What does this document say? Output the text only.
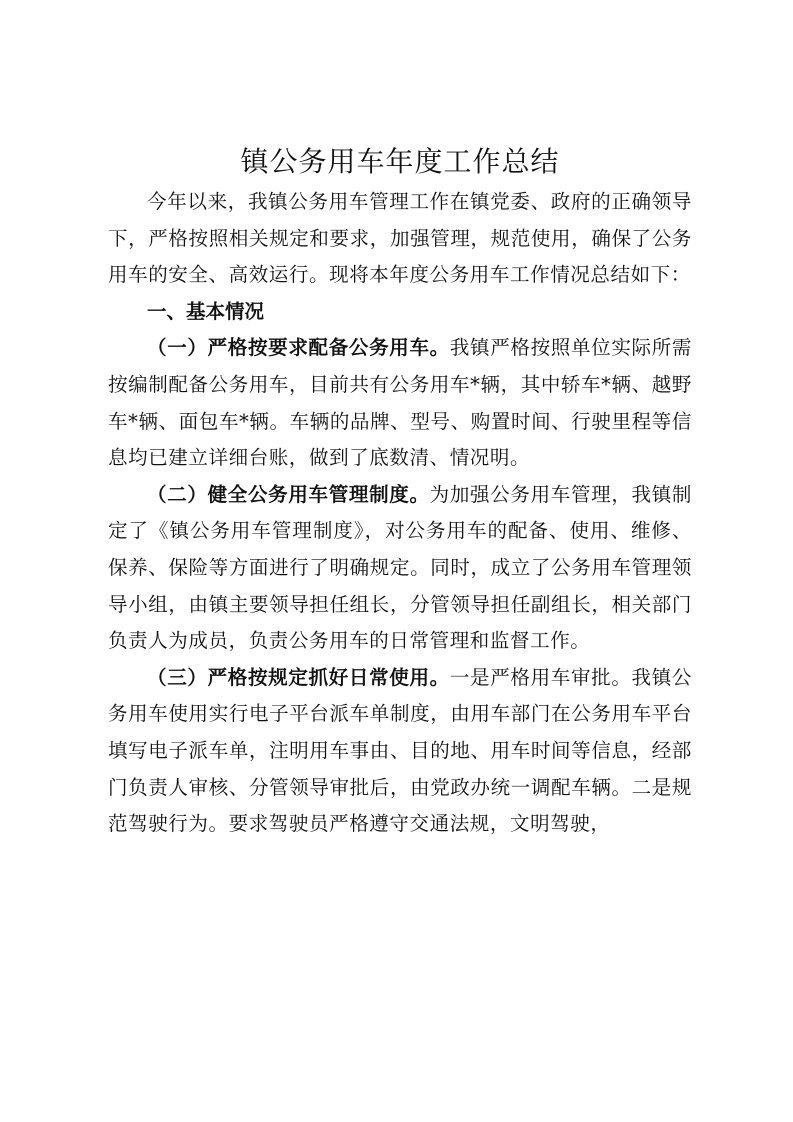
镇公务用车年度工作总结

今年以来，我镇公务用车管理工作在镇党委、政府的正确领导下，严格按照相关规定和要求，加强管理，规范使用，确保了公务用车的安全、高效运行。现将本年度公务用车工作情况总结如下：

一、基本情况

（一）严格按要求配备公务用车。我镇严格按照单位实际所需按编制配备公务用车，目前共有公务用车*辆，其中轿车*辆、越野车*辆、面包车*辆。车辆的品牌、型号、购置时间、行驶里程等信息均已建立详细台账，做到了底数清、情况明。

（二）健全公务用车管理制度。为加强公务用车管理，我镇制定了《镇公务用车管理制度》，对公务用车的配备、使用、维修、保养、保险等方面进行了明确规定。同时，成立了公务用车管理领导小组，由镇主要领导担任组长，分管领导担任副组长，相关部门负责人为成员，负责公务用车的日常管理和监督工作。

（三）严格按规定抓好日常使用。一是严格用车审批。我镇公务用车使用实行电子平台派车单制度，由用车部门在公务用车平台填写电子派车单，注明用车事由、目的地、用车时间等信息，经部门负责人审核、分管领导审批后，由党政办统一调配车辆。二是规范驾驶行为。要求驾驶员严格遵守交通法规，文明驾驶，
